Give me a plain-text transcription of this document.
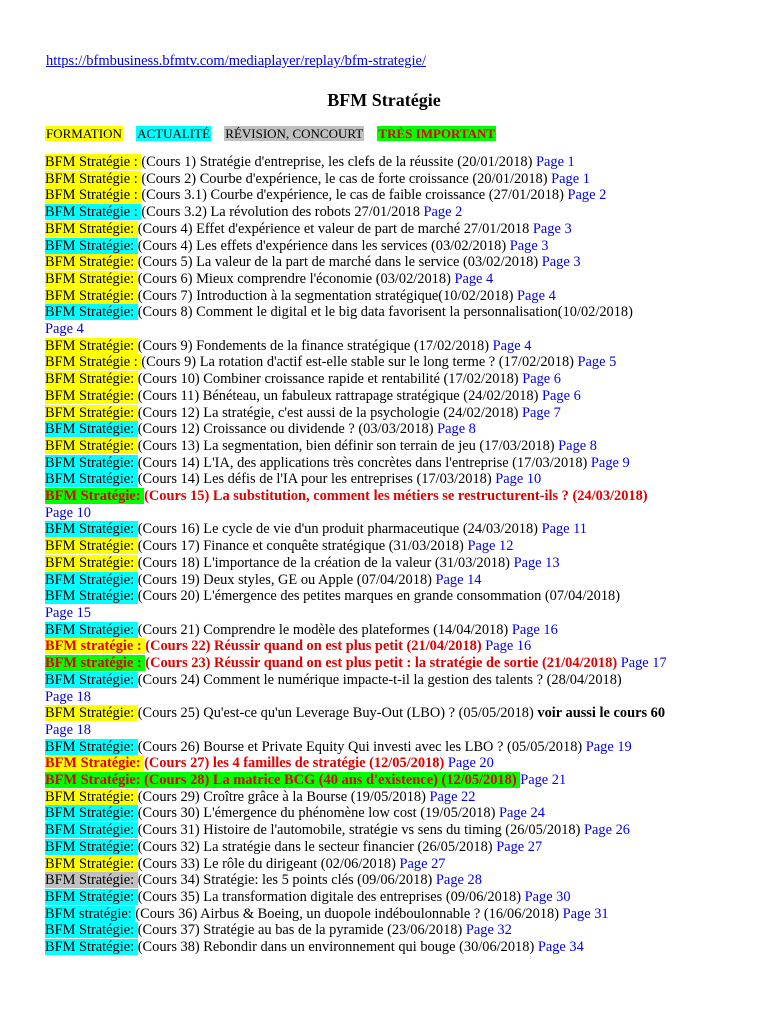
https://bfmbusiness.bfmtv.com/mediaplayer/replay/bfm-strategie/
BFM Stratégie
FORMATION ACTUALITÉ RÉVISION, CONCOURT TRÈS IMPORTANT
BFM Stratégie : (Cours 1) Stratégie d'entreprise, les clefs de la réussite (20/01/2018) Page 1
BFM Stratégie : (Cours 2) Courbe d'expérience, le cas de forte croissance (20/01/2018) Page 1
BFM Stratégie : (Cours 3.1) Courbe d'expérience, le cas de faible croissance (27/01/2018) Page 2
BFM Stratégie : (Cours 3.2) La révolution des robots 27/01/2018 Page 2
BFM Stratégie: (Cours 4) Effet d'expérience et valeur de part de marché 27/01/2018 Page 3
BFM Stratégie: (Cours 4) Les effets d'expérience dans les services (03/02/2018) Page 3
BFM Stratégie: (Cours 5) La valeur de la part de marché dans le service (03/02/2018) Page 3
BFM Stratégie: (Cours 6) Mieux comprendre l'économie (03/02/2018) Page 4
BFM Stratégie: (Cours 7) Introduction à la segmentation stratégique(10/02/2018) Page 4
BFM Stratégie: (Cours 8) Comment le digital et le big data favorisent la personnalisation(10/02/2018)
Page 4
BFM Stratégie: (Cours 9) Fondements de la finance stratégique (17/02/2018) Page 4
BFM Stratégie : (Cours 9) La rotation d'actif est-elle stable sur le long terme ? (17/02/2018) Page 5
BFM Stratégie: (Cours 10) Combiner croissance rapide et rentabilité (17/02/2018) Page 6
BFM Stratégie: (Cours 11) Bénéteau, un fabuleux rattrapage stratégique (24/02/2018) Page 6
BFM Stratégie: (Cours 12) La stratégie, c'est aussi de la psychologie (24/02/2018) Page 7
BFM Stratégie: (Cours 12) Croissance ou dividende ? (03/03/2018) Page 8
BFM Stratégie: (Cours 13) La segmentation, bien définir son terrain de jeu (17/03/2018) Page 8
BFM Stratégie: (Cours 14) L'IA, des applications très concrètes dans l'entreprise (17/03/2018) Page 9
BFM Stratégie: (Cours 14) Les défis de l'IA pour les entreprises (17/03/2018) Page 10
BFM Stratégie: (Cours 15) La substitution, comment les métiers se restructurent-ils ? (24/03/2018)
Page 10
BFM Stratégie: (Cours 16) Le cycle de vie d'un produit pharmaceutique (24/03/2018) Page 11
BFM Stratégie: (Cours 17) Finance et conquête stratégique (31/03/2018) Page 12
BFM Stratégie: (Cours 18) L'importance de la création de la valeur (31/03/2018) Page 13
BFM Stratégie: (Cours 19) Deux styles, GE ou Apple (07/04/2018) Page 14
BFM Stratégie: (Cours 20) L'émergence des petites marques en grande consommation (07/04/2018)
Page 15
BFM Stratégie: (Cours 21) Comprendre le modèle des plateformes (14/04/2018) Page 16
BFM stratégie : (Cours 22) Réussir quand on est plus petit (21/04/2018) Page 16
BFM stratégie : (Cours 23) Réussir quand on est plus petit : la stratégie de sortie (21/04/2018) Page 17
BFM Stratégie: (Cours 24) Comment le numérique impacte-t-il la gestion des talents ? (28/04/2018)
Page 18
BFM Stratégie: (Cours 25) Qu'est-ce qu'un Leverage Buy-Out (LBO) ? (05/05/2018) voir aussi le cours 60
Page 18
BFM Stratégie: (Cours 26) Bourse et Private Equity Qui investi avec les LBO ? (05/05/2018) Page 19
BFM Stratégie: (Cours 27) les 4 familles de stratégie (12/05/2018) Page 20
BFM Stratégie: (Cours 28) La matrice BCG (40 ans d'existence) (12/05/2018) Page 21
BFM Stratégie: (Cours 29) Croître grâce à la Bourse (19/05/2018) Page 22
BFM Stratégie: (Cours 30) L'émergence du phénomène low cost (19/05/2018) Page 24
BFM Stratégie: (Cours 31) Histoire de l'automobile, stratégie vs sens du timing (26/05/2018) Page 26
BFM Stratégie: (Cours 32) La stratégie dans le secteur financier (26/05/2018) Page 27
BFM Stratégie: (Cours 33) Le rôle du dirigeant (02/06/2018) Page 27
BFM Stratégie: (Cours 34) Stratégie: les 5 points clés (09/06/2018) Page 28
BFM Stratégie: (Cours 35) La transformation digitale des entreprises (09/06/2018) Page 30
BFM stratégie: (Cours 36) Airbus & Boeing, un duopole indéboulonnable ? (16/06/2018) Page 31
BFM Stratégie: (Cours 37) Stratégie au bas de la pyramide (23/06/2018) Page 32
BFM Stratégie: (Cours 38) Rebondir dans un environnement qui bouge (30/06/2018) Page 34
